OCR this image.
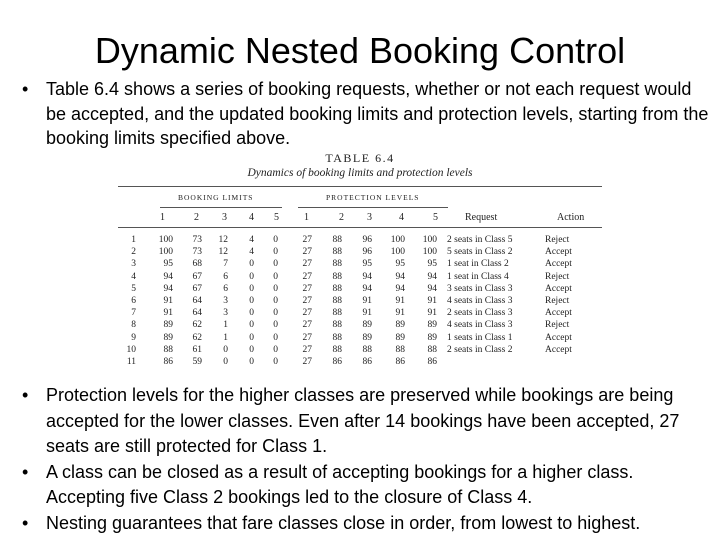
Dynamic Nested Booking Control
• Table 6.4 shows a series of booking requests, whether or not each request would be accepted, and the updated booking limits and protection levels, starting from the booking limits specified above.
TABLE 6.4
Dynamics of booking limits and protection levels
BOOKING LIMITS	PROTECTION LEVELS
1	2 3 4 5	1	2 3	4	5	Request	Action
1	100	73	12	4	0	27	88	96	100	100	2 seats in Class 5	Reject
2	100	73	12	4	0	27	88	96	100	100	5 seats in Class 2	Accept
3	95	68	7	0	0	27	88	95	95	95	1 seat in Class 2	Accept
4	94	67	6	0	0	27	88	94	94	94	1 seat in Class 4	Reject
5	94	67	6	0	0	27	88	94	94	94	3 seats in Class 3	Accept
6	91	64	3	0	0	27	88	91	91	91	4 seats in Class 3	Reject
7	91	64	3	0	0	27	88	91	91	91	2 seats in Class 3	Accept
8	89	62	1	0	0	27	88	89	89	89	4 seats in Class 3	Reject
9	89	62	1	0	0	27	88	89	89	89	1 seats in Class 1	Accept
10	88	61	0	0	0	27	88	88	88	88	2 seats in Class 2	Accept
11	86	59	0	0	0	27	86	86	86	86		
• Protection levels for the higher classes are preserved while bookings are being accepted for the lower classes. Even after 14 bookings have been accepted, 27 seats are still protected for Class 1.
• A class can be closed as a result of accepting bookings for a higher class. Accepting five Class 2 bookings led to the closure of Class 4.
• Nesting guarantees that fare classes close in order, from lowest to highest.
